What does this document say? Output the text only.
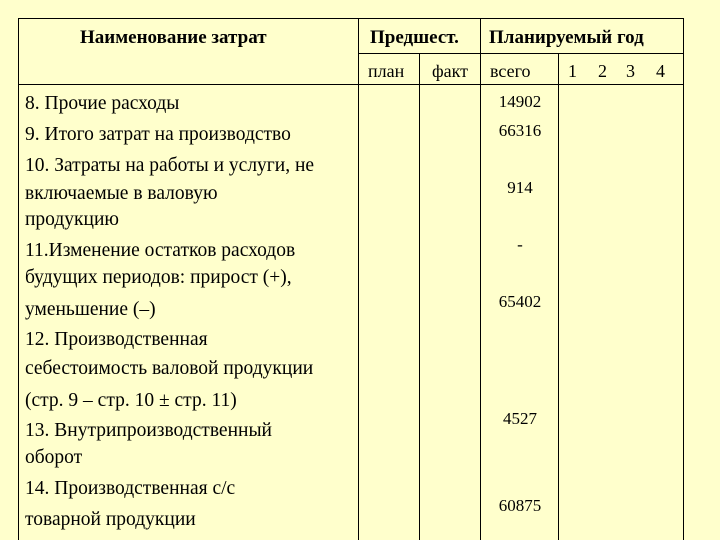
Наименование затрат	Предшест. Планируемый год
план факт всего 1 2 3 4
8. Прочие расходы
9. Итого затрат на производство
10. Затраты на работы и услуги, не
включаемые в валовую
продукцию
11.Изменение остатков расходов
будущих периодов: прирост (+),
уменьшение (–)
12. Производственная
себестоимость валовой продукции
(стр. 9 – стр. 10 ± стр. 11)
13. Внутрипроизводственный
оборот
14. Производственная с/с
товарной продукции
14902
66316
914
-
65402
4527
60875
